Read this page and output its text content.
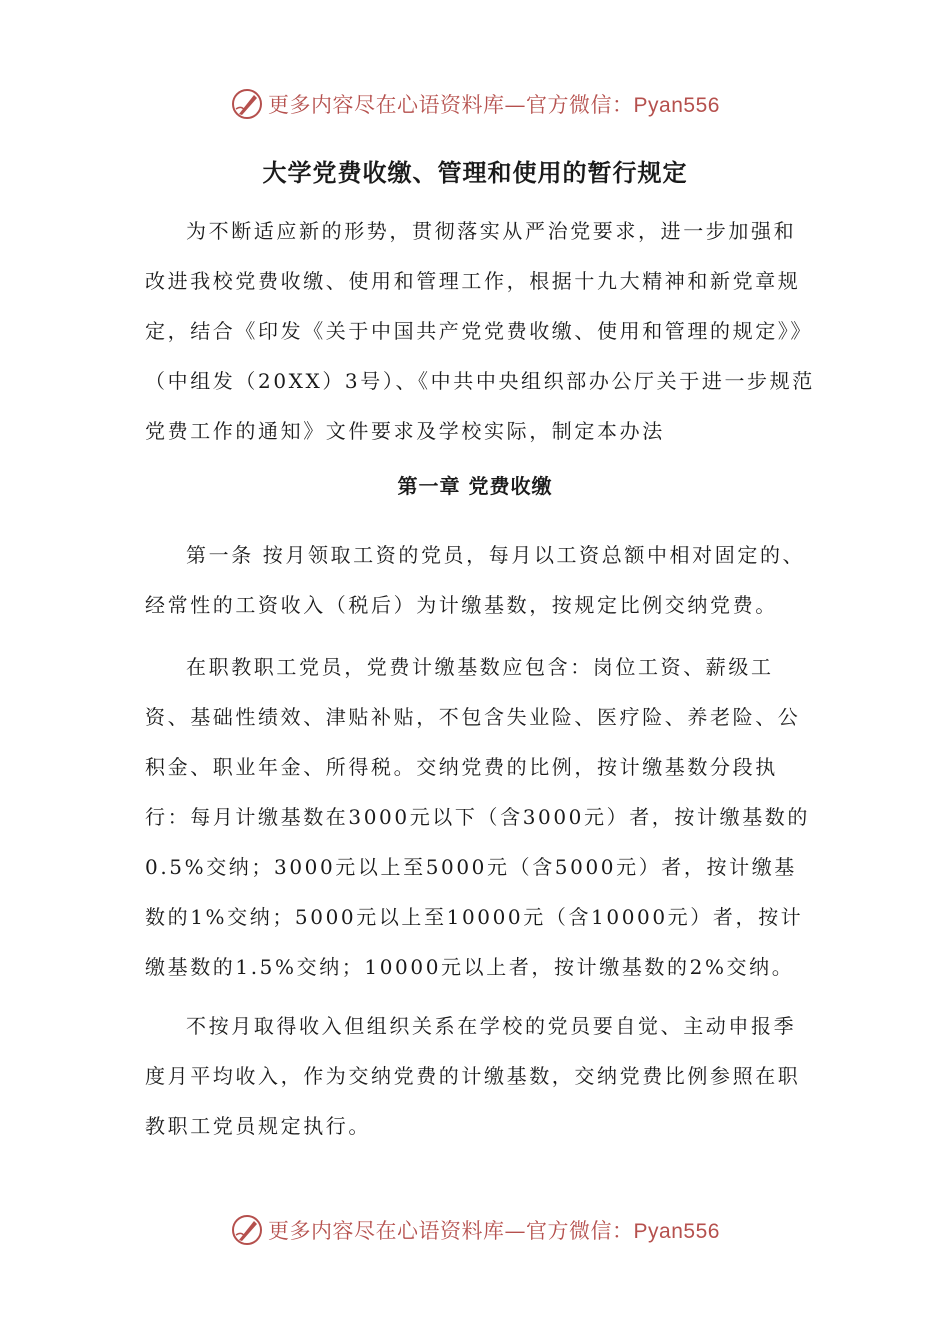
更多内容尽在心语资料库—官方微信：Pyan556
大学党费收缴、管理和使用的暂行规定
为不断适应新的形势，贯彻落实从严治党要求，进一步加强和改进我校党费收缴、使用和管理工作，根据十九大精神和新党章规定，结合《印发《关于中国共产党党费收缴、使用和管理的规定》》（中组发（20XX）3号）、《中共中央组织部办公厅关于进一步规范党费工作的通知》文件要求及学校实际，制定本办法
第一章 党费收缴
第一条 按月领取工资的党员，每月以工资总额中相对固定的、经常性的工资收入（税后）为计缴基数，按规定比例交纳党费。
在职教职工党员，党费计缴基数应包含：岗位工资、薪级工资、基础性绩效、津贴补贴，不包含失业险、医疗险、养老险、公积金、职业年金、所得税。交纳党费的比例，按计缴基数分段执行：每月计缴基数在3000元以下（含3000元）者，按计缴基数的0.5%交纳；3000元以上至5000元（含5000元）者，按计缴基数的1%交纳；5000元以上至10000元（含10000元）者，按计缴基数的1.5%交纳；10000元以上者，按计缴基数的2%交纳。
不按月取得收入但组织关系在学校的党员要自觉、主动申报季度月平均收入，作为交纳党费的计缴基数，交纳党费比例参照在职教职工党员规定执行。
更多内容尽在心语资料库—官方微信：Pyan556
